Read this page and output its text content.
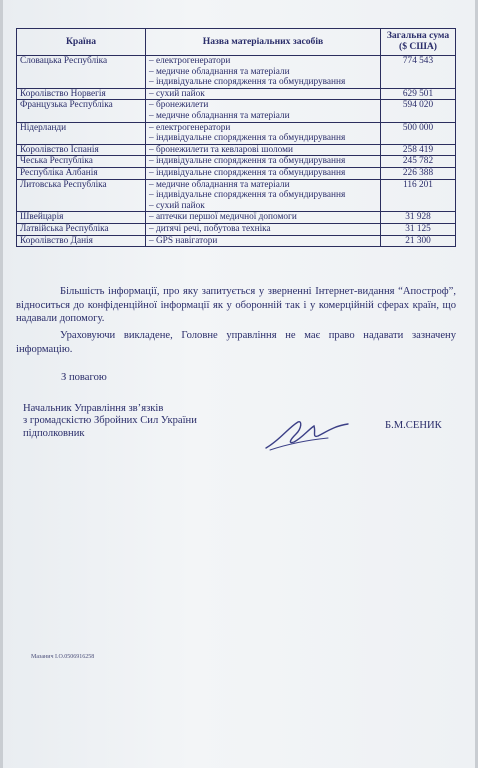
Країна	Назва матеріальних засобів	Загальна сума ($ США)
Словацька Республіка	– електрогенератори
– медичне обладнання та матеріали
– індивідуальне спорядження та обмундирування	774 543

Королівство Норвегія	– сухий пайок	629 501

Французька Республіка	– бронежилети
– медичне обладнання та матеріали	594 020

Нідерланди	– електрогенератори
– індивідуальне спорядження та обмундирування	500 000

Королівство Іспанія	– бронежилети та кевларові шоломи	258 419

Чеська Республіка	– індивідуальне спорядження та обмундирування	245 782

Республіка Албанія	– індивідуальне спорядження та обмундирування	226 388

Литовська Республіка	– медичне обладнання та матеріали
– індивідуальне спорядження та обмундирування
– сухий пайок	116 201

Швейцарія	– аптечки першої медичної допомоги	31 928

Латвійська Республіка	– дитячі речі, побутова техніка	31 125

Королівство Данія	– GPS навігатори	21 300
Більшість інформації, про яку запитується у зверненні Інтернет-видання “Апостроф”, відноситься до конфіденційної інформації як у оборонній так і у комерційній сферах країн, що надавали допомогу.
Ураховуючи викладене, Головне управління не має право надавати зазначену інформацію.
З повагою
Начальник Управління зв’язків
з громадскістю Збройних Сил України
підполковник
Б.М.СЕНИК
Мазанич І.О.0506916258
